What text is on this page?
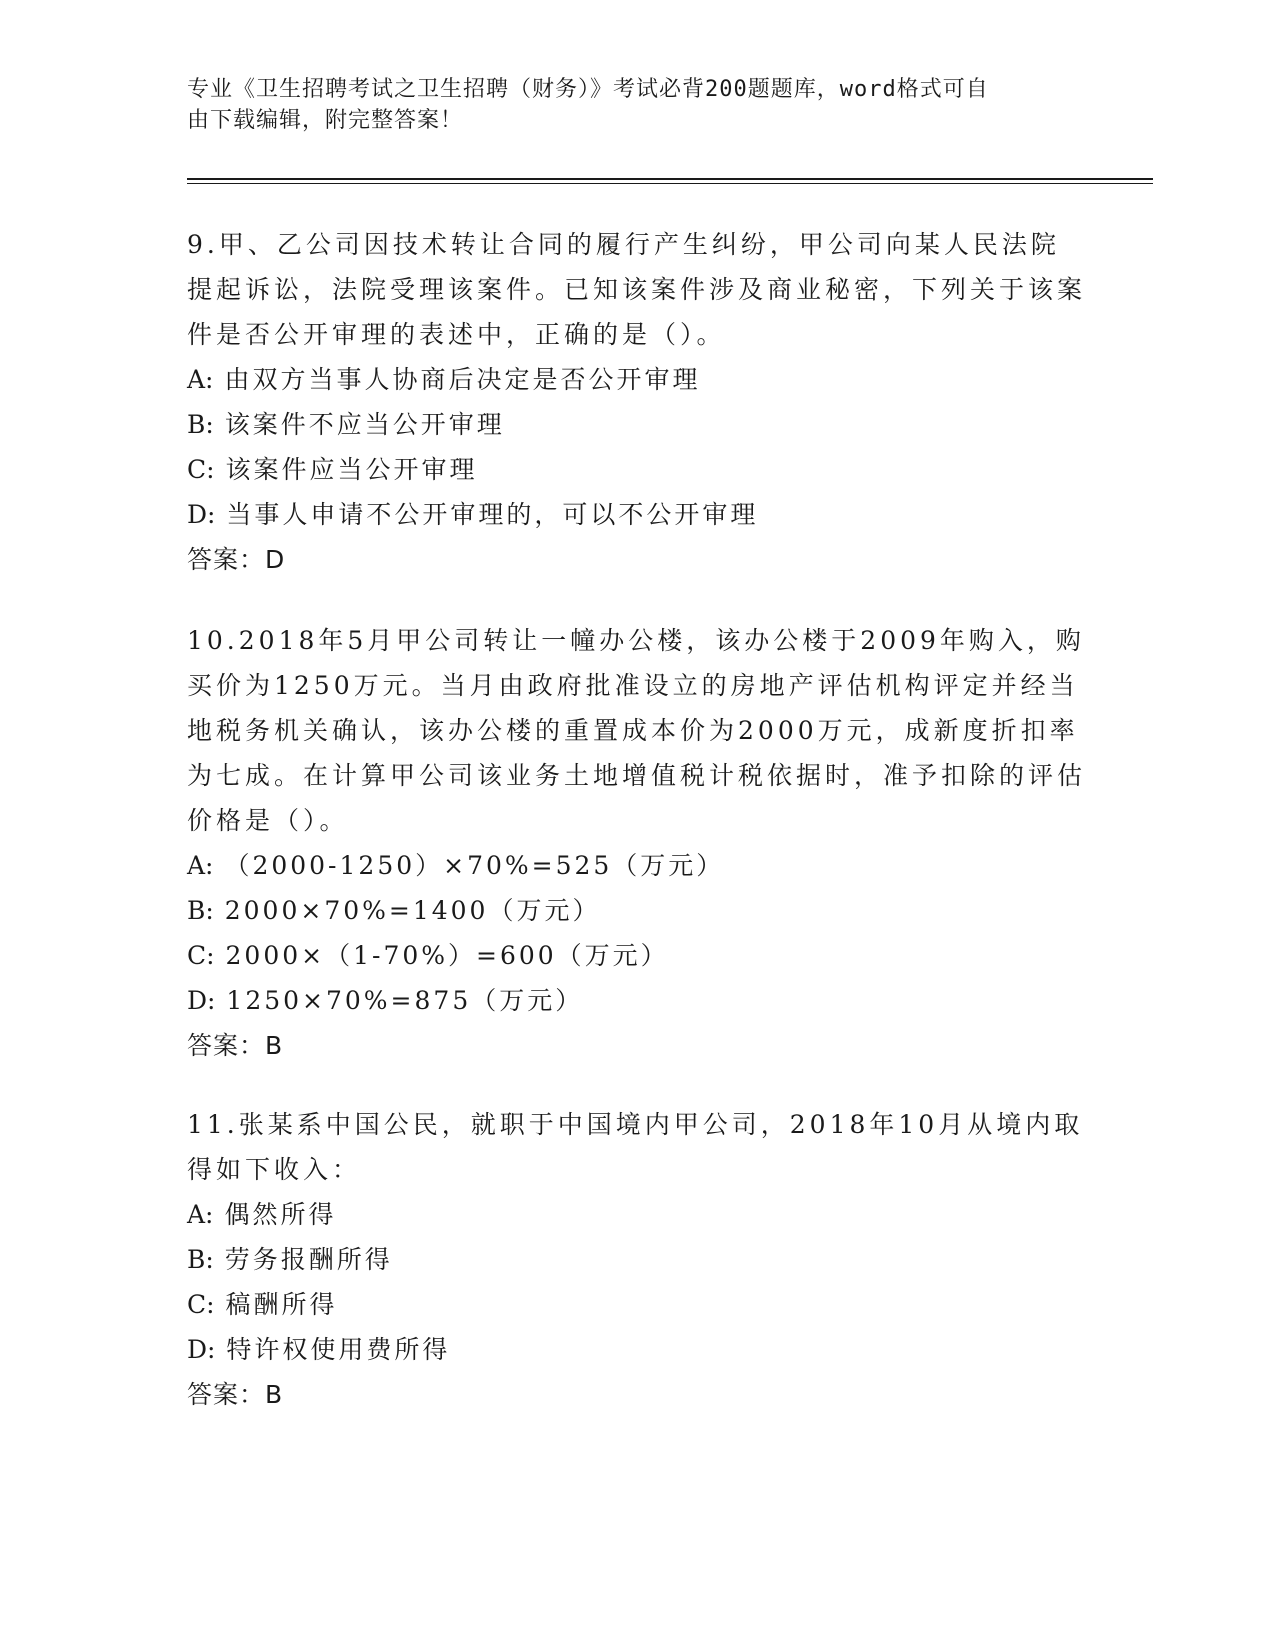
专业《卫生招聘考试之卫生招聘（财务）》考试必背200题题库，word格式可自
由下载编辑，附完整答案！
9.甲、乙公司因技术转让合同的履行产生纠纷，甲公司向某人民法院提起诉讼，法院受理该案件。已知该案件涉及商业秘密，下列关于该案件是否公开审理的表述中，正确的是（）。
A: 由双方当事人协商后决定是否公开审理
B: 该案件不应当公开审理
C: 该案件应当公开审理
D: 当事人申请不公开审理的，可以不公开审理
答案：D
10.2018年5月甲公司转让一幢办公楼，该办公楼于2009年购入，购买价为1250万元。当月由政府批准设立的房地产评估机构评定并经当地税务机关确认，该办公楼的重置成本价为2000万元，成新度折扣率为七成。在计算甲公司该业务土地增值税计税依据时，准予扣除的评估价格是（）。
A: （2000-1250）×70%=525（万元）
B: 2000×70%=1400（万元）
C: 2000×（1-70%）=600（万元）
D: 1250×70%=875（万元）
答案：B
11.张某系中国公民，就职于中国境内甲公司，2018年10月从境内取得如下收入：
A: 偶然所得
B: 劳务报酬所得
C: 稿酬所得
D: 特许权使用费所得
答案：B
